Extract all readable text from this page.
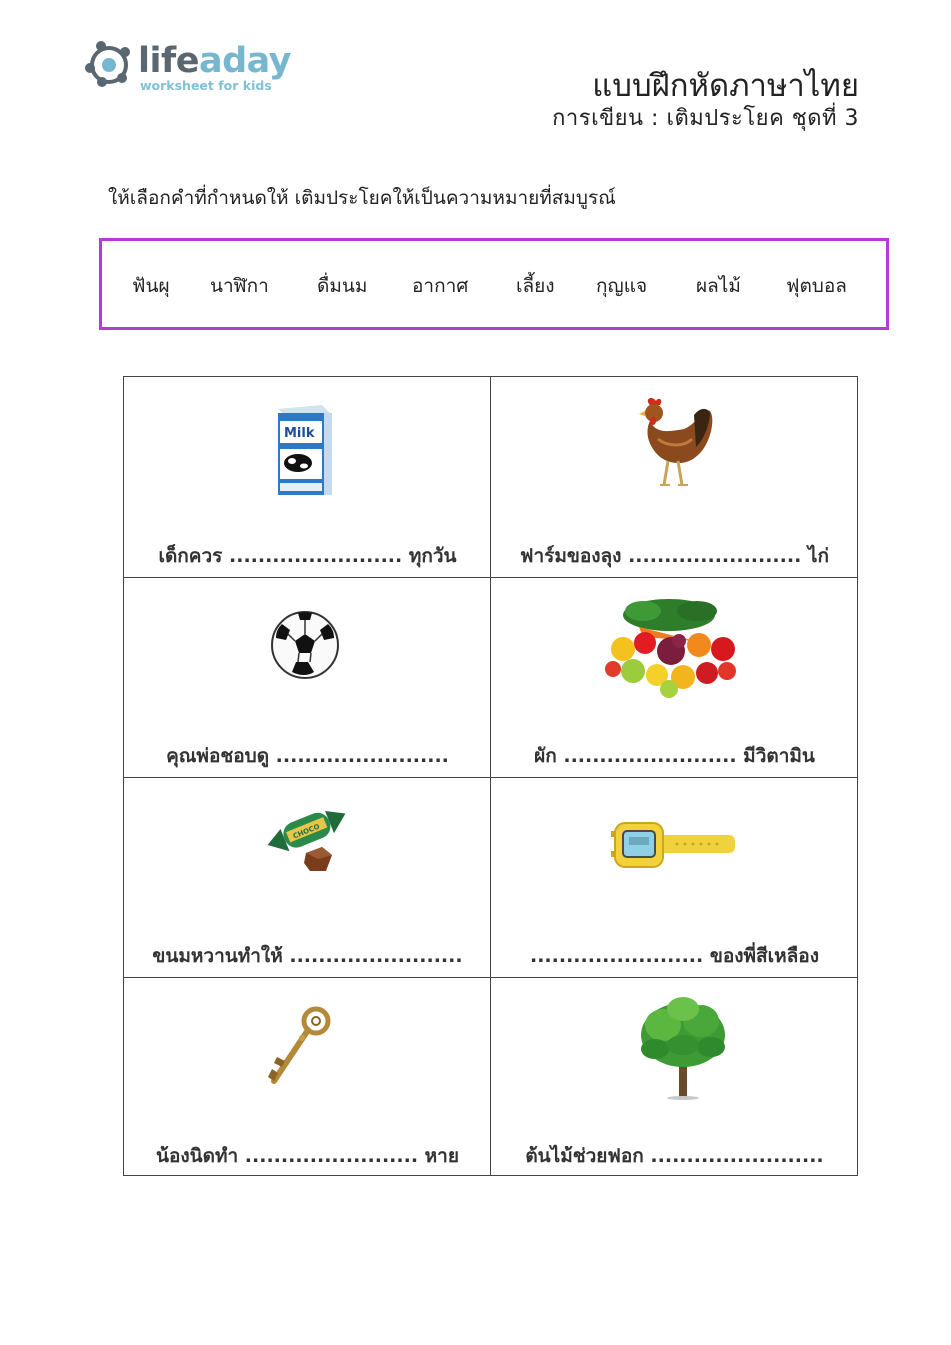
lifeaday
worksheet for kids	แบบฝึกหัดภาษาไทย
การเขียน : เติมประโยค ชุดที่ 3
ให้เลือกคำที่กำหนดให้ เติมประโยคให้เป็นความหมายที่สมบูรณ์
ฟันผุ นาฬิกา	ดื่มนม อากาศ	เลี้ยง กุญแจ	ผลไม้ ฟุตบอล
Milk
เด็กควร ........................ ทุกวัน	ฟาร์มของลุง ........................ ไก่
คุณพ่อชอบดู ........................	ผัก ........................ มีวิตามิน
CHOCO
ขนมหวานทำให้ ........................	........................ ของพี่สีเหลือง
น้องนิดทำ ........................ หาย	ต้นไม้ช่วยฟอก ........................
